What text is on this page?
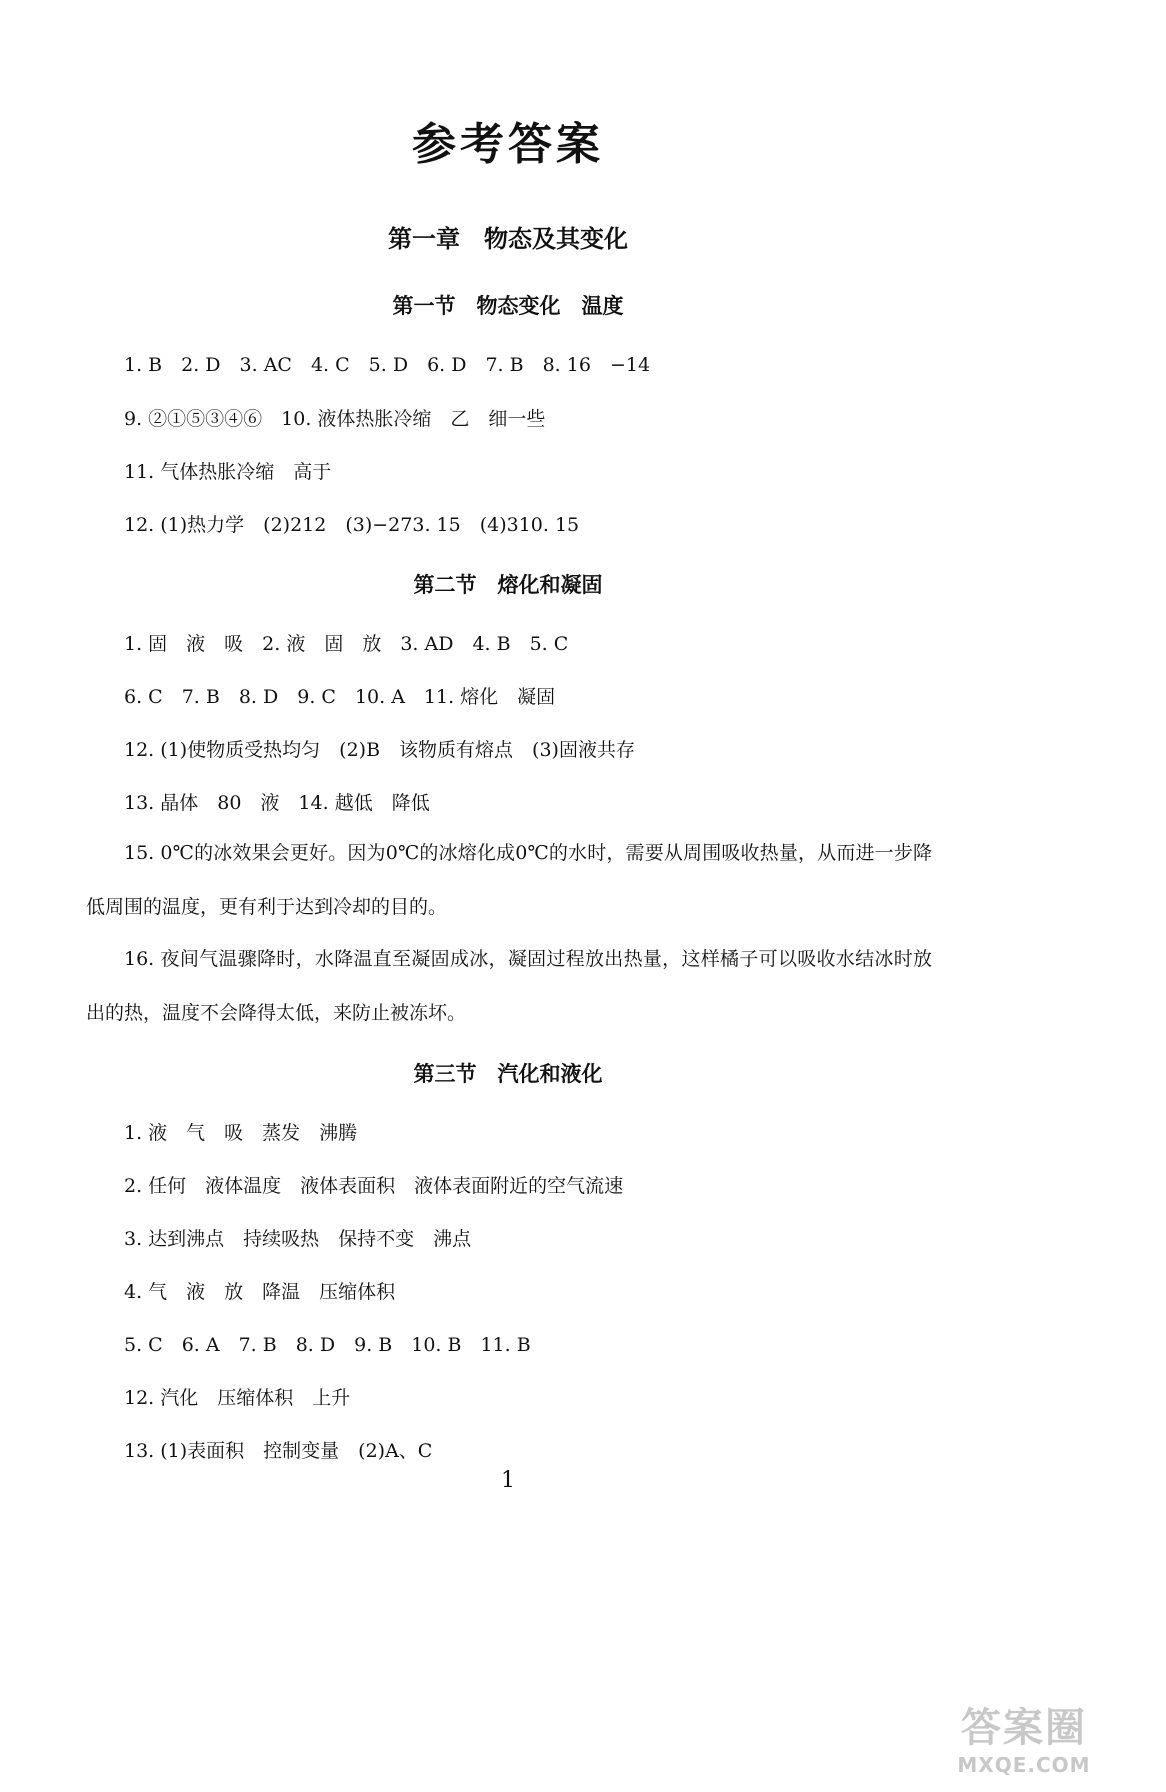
参考答案
第一章　物态及其变化
第一节　物态变化　温度

1. B　2. D　3. AC　4. C　5. D　6. D　7. B　8. 16　−14

9. ②①⑤③④⑥　10. 液体热胀冷缩　乙　细一些

11. 气体热胀冷缩　高于

12. (1)热力学　(2)212　(3)−273. 15　(4)310. 15

第二节　熔化和凝固

1. 固　液　吸　2. 液　固　放　3. AD　4. B　5. C

6. C　7. B　8. D　9. C　10. A　11. 熔化　凝固

12. (1)使物质受热均匀　(2)B　该物质有熔点　(3)固液共存

13. 晶体　80　液　14. 越低　降低

15. 0℃的冰效果会更好。因为0℃的冰熔化成0℃的水时，需要从周围吸收热量，从而进一步降低周围的温度，更有利于达到冷却的目的。

16. 夜间气温骤降时，水降温直至凝固成冰，凝固过程放出热量，这样橘子可以吸收水结冰时放出的热，温度不会降得太低，来防止被冻坏。

第三节　汽化和液化

1. 液　气　吸　蒸发　沸腾

2. 任何　液体温度　液体表面积　液体表面附近的空气流速

3. 达到沸点　持续吸热　保持不变　沸点

4. 气　液　放　降温　压缩体积

5. C　6. A　7. B　8. D　9. B　10. B　11. B

12. 汽化　压缩体积　上升

13. (1)表面积　控制变量　(2)A、C

1
答案圈
MXQE.COM
